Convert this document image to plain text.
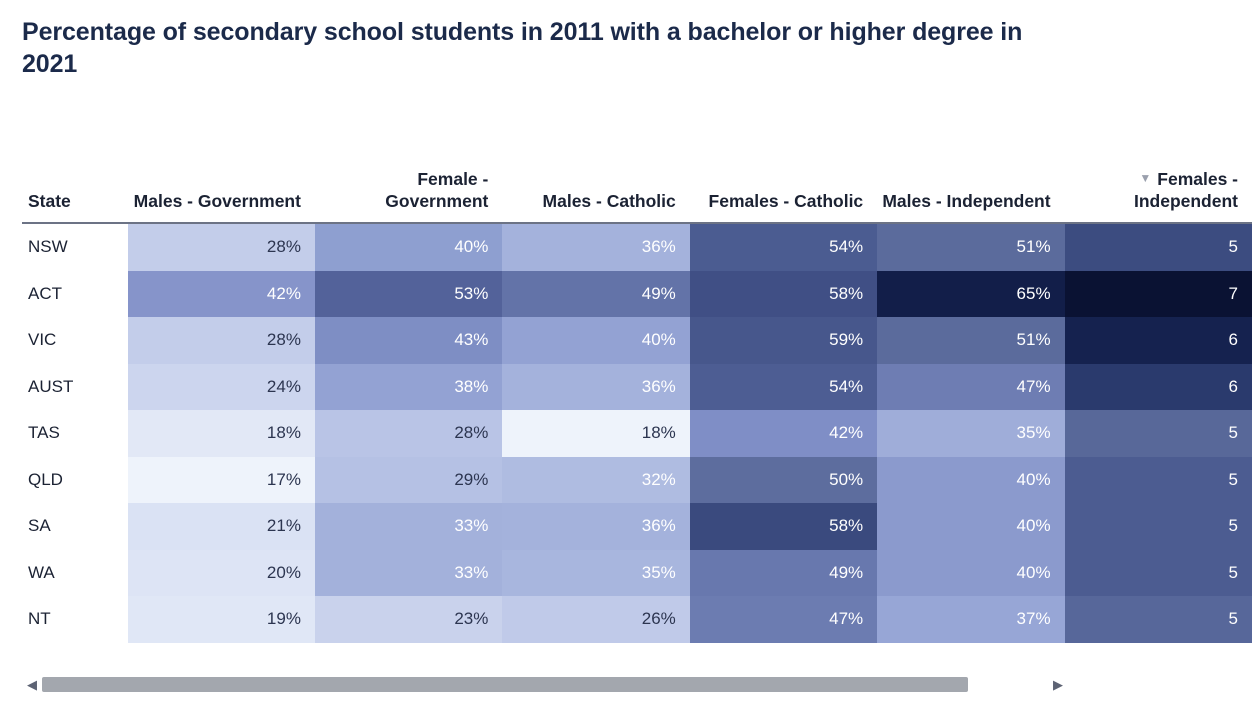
Percentage of secondary school students in 2011 with a bachelor or higher degree in 2021
State	Males - Government	Female - Government	Males - Catholic	Females - Catholic	Males - Independent	▼ Females - Independent
NSW	28%	40%	36%	54%	51%	5
ACT	42%	53%	49%	58%	65%	7
VIC	28%	43%	40%	59%	51%	6
AUST	24%	38%	36%	54%	47%	6
TAS	18%	28%	18%	42%	35%	5
QLD	17%	29%	32%	50%	40%	5
SA	21%	33%	36%	58%	40%	5
WA	20%	33%	35%	49%	40%	5
NT	19%	23%	26%	47%	37%	5
◀	▶
